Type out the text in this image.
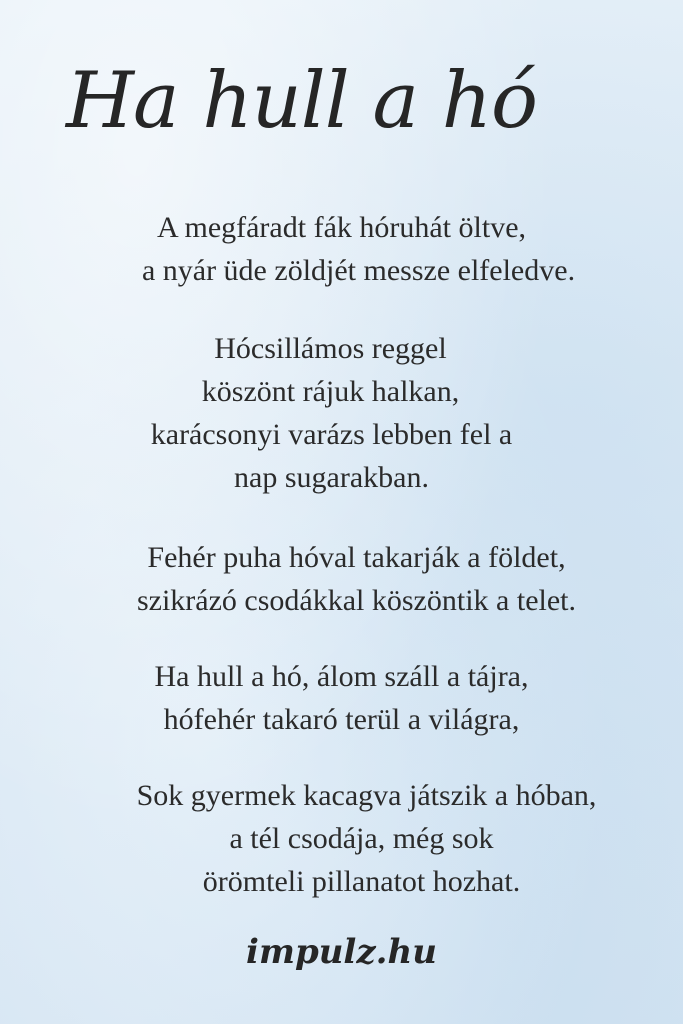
Ha hull a hó
A megfáradt fák hóruhát öltve,
a nyár üde zöldjét messze elfeledve.
Hócsillámos reggel
köszönt rájuk halkan,
karácsonyi varázs lebben fel a
nap sugarakban.
Fehér puha hóval takarják a földet,
szikrázó csodákkal köszöntik a telet.
Ha hull a hó, álom száll a tájra,
hófehér takaró terül a világra,
Sok gyermek kacagva játszik a hóban,
a tél csodája, még sok
örömteli pillanatot hozhat.
impulz.hu
